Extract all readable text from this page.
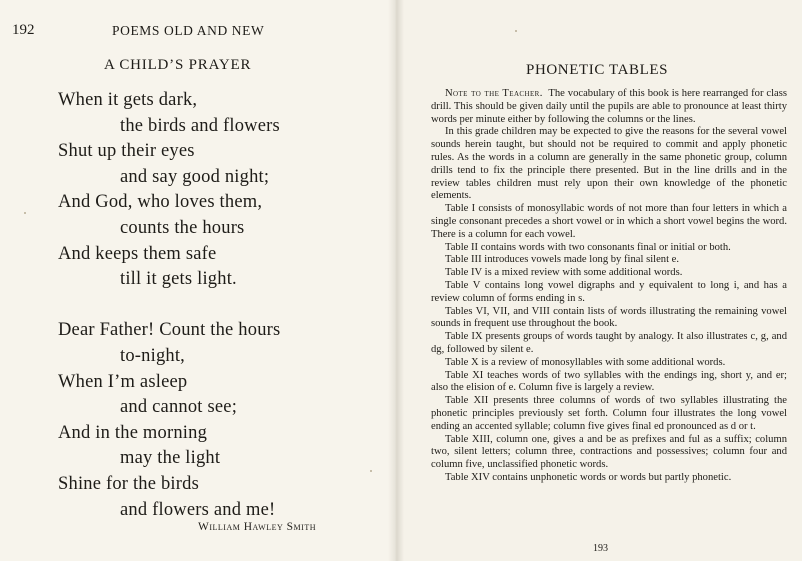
192	POEMS OLD AND NEW
A CHILD’S PRAYER
When it gets dark,
the birds and flowers
Shut up their eyes
and say good night;
And God, who loves them,
counts the hours
And keeps them safe
till it gets light.
Dear Father! Count the hours
to-night,
When I’m asleep
and cannot see;
And in the morning
may the light
Shine for the birds
and flowers and me!
William Hawley Smith
PHONETIC TABLES

Note to the Teacher. The vocabulary of this book is here rearranged for class drill. This should be given daily until the pupils are able to pronounce at least thirty words per minute either by following the columns or the lines.

In this grade children may be expected to give the reasons for the several vowel sounds herein taught, but should not be required to commit and apply phonetic rules. As the words in a column are generally in the same phonetic group, column drills tend to fix the principle there presented. But in the line drills and in the review tables children must rely upon their own knowledge of the phonetic elements.

Table I consists of monosyllabic words of not more than four letters in which a single consonant precedes a short vowel or in which a short vowel begins the word. There is a column for each vowel.

Table II contains words with two consonants final or initial or both.

Table III introduces vowels made long by final silent e.

Table IV is a mixed review with some additional words.

Table V contains long vowel digraphs and y equivalent to long i, and has a review column of forms ending in s.

Tables VI, VII, and VIII contain lists of words illustrating the remaining vowel sounds in frequent use throughout the book.

Table IX presents groups of words taught by analogy. It also illustrates c, g, and dg, followed by silent e.

Table X is a review of monosyllables with some additional words.

Table XI teaches words of two syllables with the endings ing, short y, and er; also the elision of e. Column five is largely a review.

Table XII presents three columns of words of two syllables illustrating the phonetic principles previously set forth. Column four illustrates the long vowel ending an accented syllable; column five gives final ed pronounced as d or t.

Table XIII, column one, gives a and be as prefixes and ful as a suffix; column two, silent letters; column three, contractions and possessives; column four and column five, unclassified phonetic words.

Table XIV contains unphonetic words or words but partly phonetic.

193
